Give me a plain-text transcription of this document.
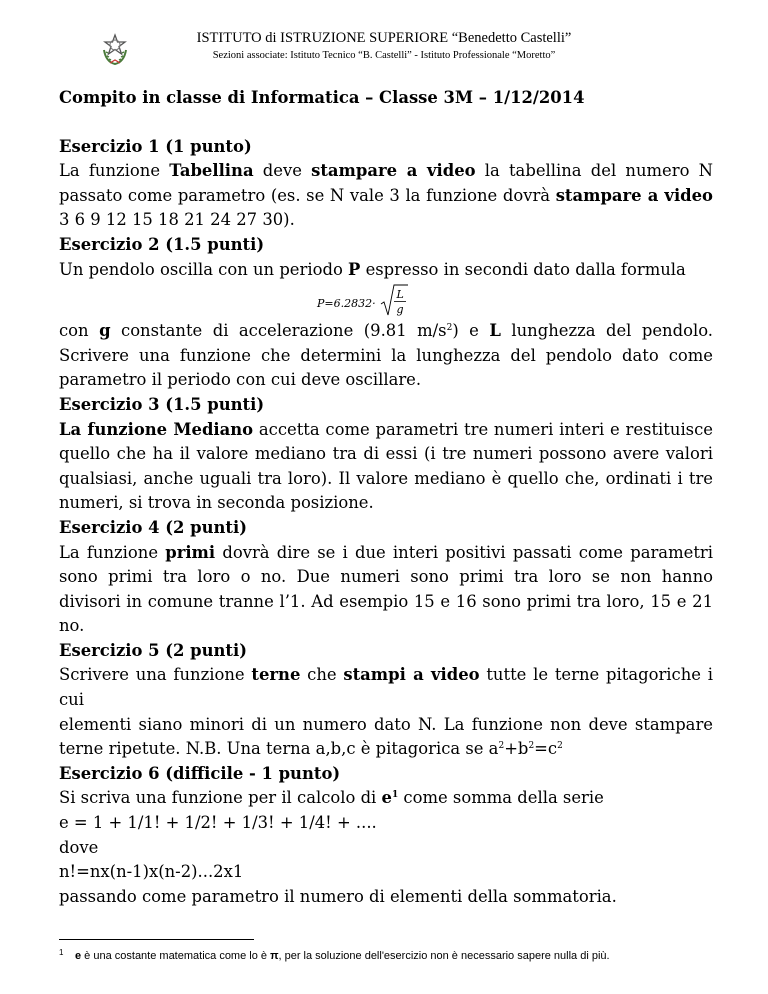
ISTITUTO di ISTRUZIONE SUPERIORE “Benedetto Castelli”
Sezioni associate: Istituto Tecnico “B. Castelli” - Istituto Professionale “Moretto”

Compito in classe di Informatica – Classe 3M – 1/12/2014

Esercizio 1 (1 punto)

La funzione Tabellina deve stampare a video la tabellina del numero N

passato come parametro (es. se N vale 3 la funzione dovrà stampare a video

3 6 9 12 15 18 21 24 27 30).

Esercizio 2 (1.5 punti)

Un pendolo oscilla con un periodo P espresso in secondi dato dalla formula

P=6.2832·
L
g

con g constante di accelerazione (9.81 $m/s^2$) e L lunghezza del pendolo.

Scrivere una funzione che determini la lunghezza del pendolo dato come

parametro il periodo con cui deve oscillare.

Esercizio 3 (1.5 punti)

La funzione Mediano accetta come parametri tre numeri interi e restituisce

quello che ha il valore mediano tra di essi (i tre numeri possono avere valori

qualsiasi, anche uguali tra loro). Il valore mediano è quello che, ordinati i tre

numeri, si trova in seconda posizione.

Esercizio 4 (2 punti)

La funzione primi dovrà dire se i due interi positivi passati come parametri

sono primi tra loro o no. Due numeri sono primi tra loro se non hanno

divisori in comune tranne l’1. Ad esempio 15 e 16 sono primi tra loro, 15 e 21

no.

Esercizio 5 (2 punti)

Scrivere una funzione terne che stampi a video tutte le terne pitagoriche i cui

elementi siano minori di un numero dato N. La funzione non deve stampare

terne ripetute. N.B. Una terna a,b,c è pitagorica se $a^2+b^2=c^2$

Esercizio 6 (difficile - 1 punto)

Si scriva una funzione per il calcolo di $e^1$ come somma della serie

e = 1 + 1/1! + 1/2! + 1/3! + 1/4! + ....

dove

n!=nx(n-1)x(n-2)...2x1

passando come parametro il numero di elementi della sommatoria.

1 e è una costante matematica come lo è π, per la soluzione dell'esercizio non è necessario sapere nulla di più.
